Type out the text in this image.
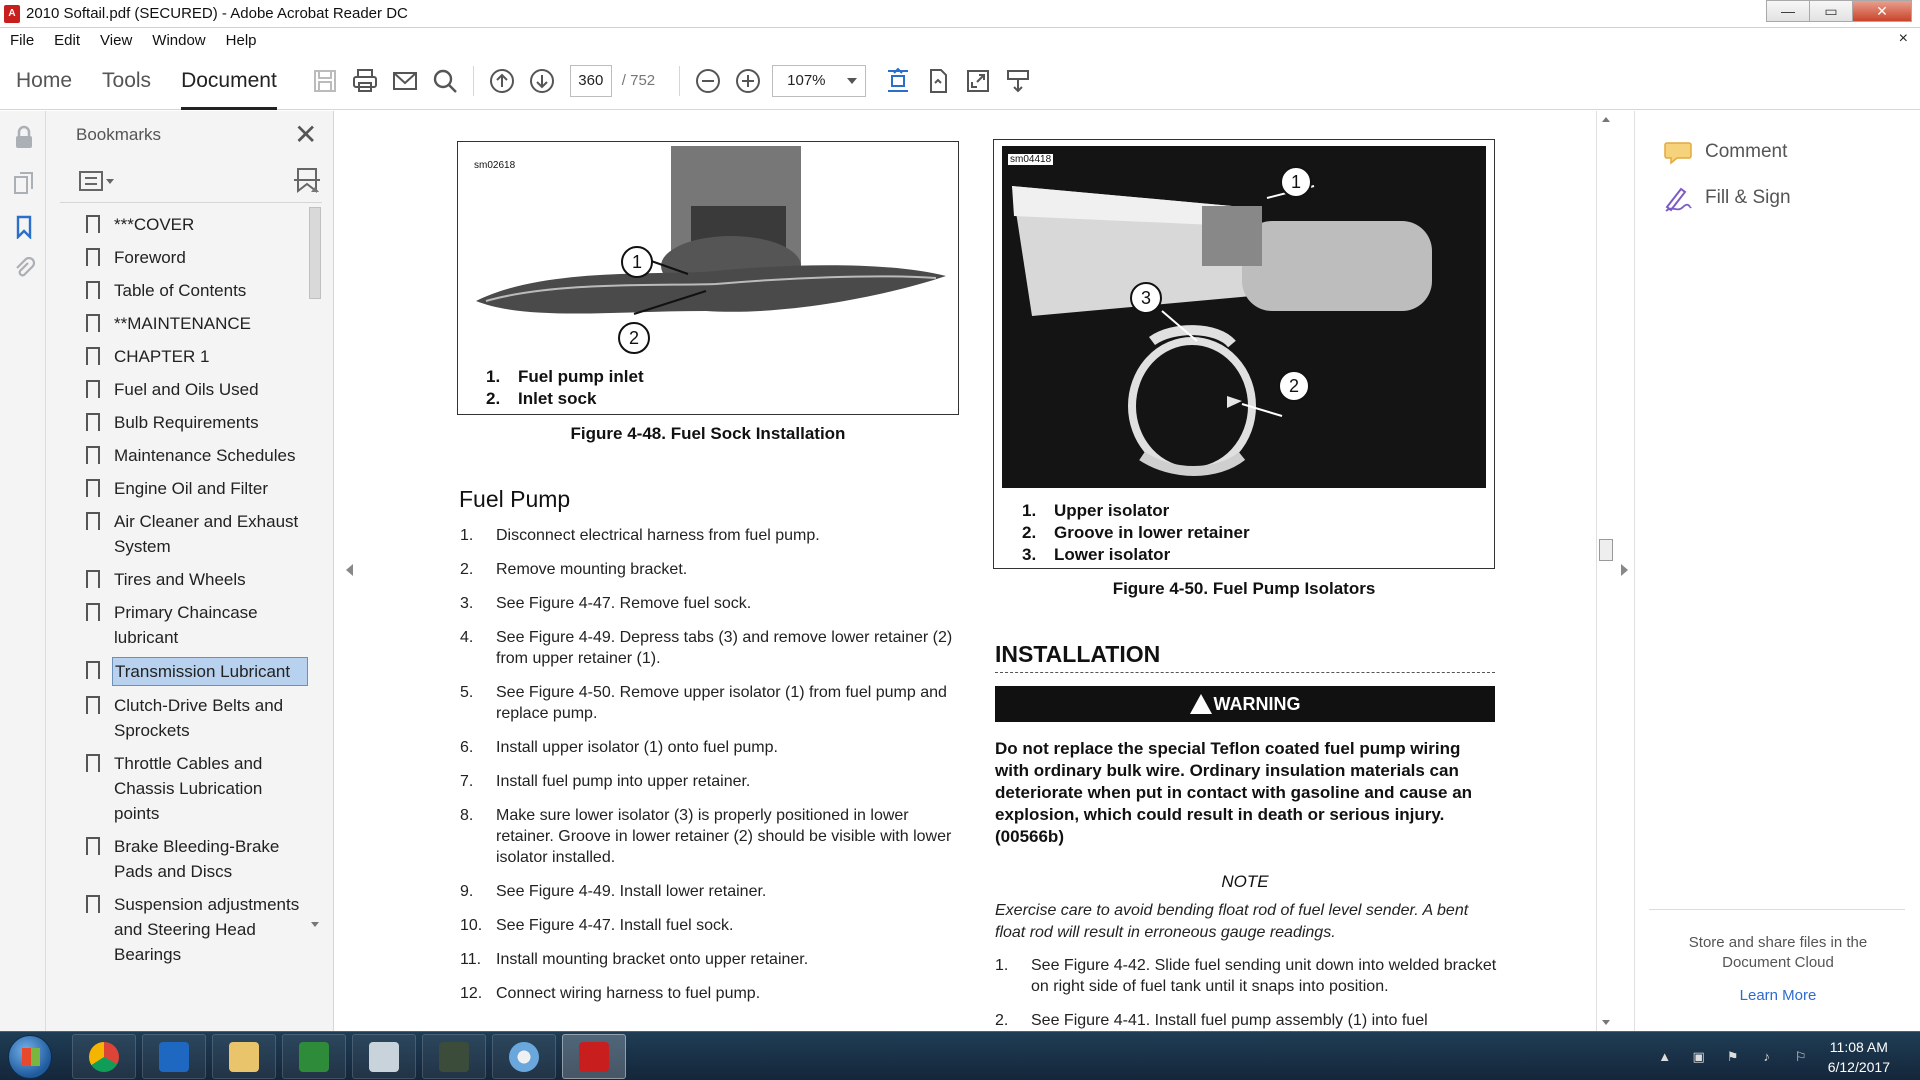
A 2010 Softail.pdf (SECURED) - Adobe Acrobat Reader DC	—	▭	✕
File Edit View Window Help	×
Home Tools Document	360	/ 752	107%
Bookmarks	✕
***COVER
Foreword
Table of Contents
**MAINTENANCE
CHAPTER 1
Fuel and Oils Used
Bulb Requirements
Maintenance Schedules
Engine Oil and Filter
Air Cleaner and Exhaust System
Tires and Wheels
Primary Chaincase lubricant
Transmission Lubricant
Clutch-Drive Belts and Sprockets
Throttle Cables and Chassis Lubrication points
Brake Bleeding-Brake Pads and Discs
Suspension adjustments and Steering Head Bearings
sm02618
1
2
1.	Fuel pump inlet
2.	Inlet sock
Figure 4-48. Fuel Sock Installation
Fuel Pump
1.	Disconnect electrical harness from fuel pump.
2.	Remove mounting bracket.
3.	See Figure 4-47. Remove fuel sock.
4.	See Figure 4-49. Depress tabs (3) and remove lower retainer (2) from upper retainer (1).
5.	See Figure 4-50. Remove upper isolator (1) from fuel pump and replace pump.
6.	Install upper isolator (1) onto fuel pump.
7.	Install fuel pump into upper retainer.
8.	Make sure lower isolator (3) is properly positioned in lower retainer. Groove in lower retainer (2) should be visible with lower isolator installed.
9.	See Figure 4-49. Install lower retainer.
10. See Figure 4-47. Install fuel sock.
11. Install mounting bracket onto upper retainer.
12. Connect wiring harness to fuel pump.
sm04418
1
3
2
1.	Upper isolator
2.	Groove in lower retainer
3.	Lower isolator
Figure 4-50. Fuel Pump Isolators
INSTALLATION
WARNING
Do not replace the special Teflon coated fuel pump wiring with ordinary bulk wire. Ordinary insulation materials can deteriorate when put in contact with gasoline and cause an explosion, which could result in death or serious injury. (00566b)
NOTE
Exercise care to avoid bending float rod of fuel level sender. A bent float rod will result in erroneous gauge readings.
1.	See Figure 4-42. Slide fuel sending unit down into welded bracket on right side of fuel tank until it snaps into position.
2.	See Figure 4-41. Install fuel pump assembly (1) into fuel
Comment
Fill & Sign
Store and share files in the Document Cloud
Learn More
▲ ▣ ⚑	♪	⚐
11:08 AM
6/12/2017
